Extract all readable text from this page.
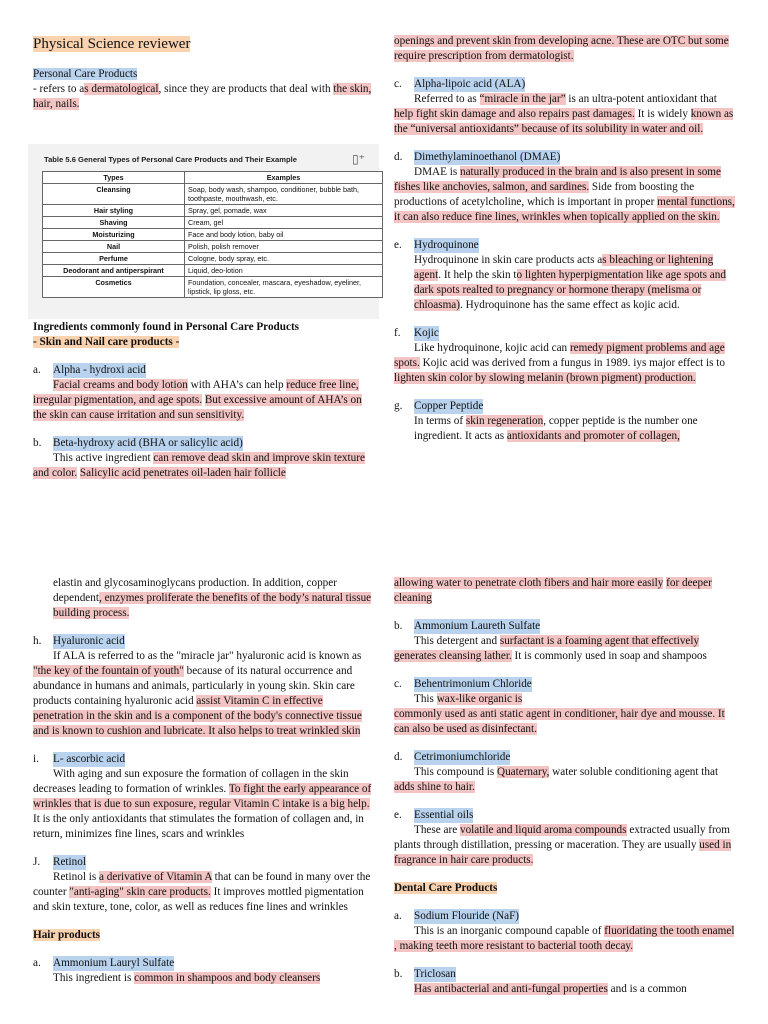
Physical Science reviewer

Personal Care Products

- refers to as dermatological, since they are products that deal with the skin, hair, nails.

Table 5.6 General Types of Personal Care Products and Their Example	▯⁺
Types	Examples
Cleansing	Soap, body wash, shampoo, conditioner, bubble bath, toothpaste, mouthwash, etc.
Hair styling	Spray, gel, pomade, wax
Shaving	Cream, gel
Moisturizing	Face and body lotion, baby oil
Nail	Polish, polish remover
Perfume	Cologne, body spray, etc.
Deodorant and antiperspirant	Liquid, deo-lotion
Cosmetics	Foundation, concealer, mascara, eyeshadow, eyeliner, lipstick, lip gloss, etc.

Ingredients commonly found in Personal Care Products

- Skin and Nail care products -

a.	Alpha - hydroxi acid

Facial creams and body lotion with AHA’s can help reduce free line, irregular pigmentation, and age spots. But excessive amount of AHA’s on the skin can cause irritation and sun sensitivity.

b.	Beta-hydroxy acid (BHA or salicylic acid)

This active ingredient can remove dead skin and improve skin texture and color. Salicylic acid penetrates oil-laden hair follicle

openings and prevent skin from developing acne. These are OTC but some require prescription from dermatologist.

c.	Alpha-lipoic acid (ALA)

Referred to as “miracle in the jar” is an ultra-potent antioxidant that help fight skin damage and also repairs past damages. It is widely known as the “universal antioxidants” because of its solubility in water and oil.

d.	Dimethylaminoethanol (DMAE)

DMAE is naturally produced in the brain and is also present in some fishes like anchovies, salmon, and sardines. Side from boosting the productions of acetylcholine, which is important in proper mental functions, it can also reduce fine lines, wrinkles when topically applied on the skin.

e.	Hydroquinone

Hydroquinone in skin care products acts as bleaching or lightening agent. It help the skin to lighten hyperpigmentation like age spots and dark spots realted to pregnancy or hormone therapy (melisma or chloasma). Hydroquinone has the same effect as kojic acid.

f.	Kojic

Like hydroquinone, kojic acid can remedy pigment problems and age spots. Kojic acid was derived from a fungus in 1989. iys major effect is to lighten skin color by slowing melanin (brown pigment) production.

g.	Copper Peptide

In terms of skin regeneration, copper peptide is the number one ingredient. It acts as antioxidants and promoter of collagen,

elastin and glycosaminoglycans production. In addition, copper dependent, enzymes proliferate the benefits of the body’s natural tissue building process.

h.	Hyaluronic acid

If ALA is referred to as the "miracle jar" hyaluronic acid is known as "the key of the fountain of youth" because of its natural occurrence and abundance in humans and animals, particularly in young skin. Skin care products containing hyaluronic acid assist Vitamin C in effective penetration in the skin and is a component of the body's connective tissue and is known to cushion and lubricate. It also helps to treat wrinkled skin

i.	L- ascorbic acid

With aging and sun exposure the formation of collagen in the skin decreases leading to formation of wrinkles. To fight the early appearance of wrinkles that is due to sun exposure, regular Vitamin C intake is a big help. It is the only antioxidants that stimulates the formation of collagen and, in return, minimizes fine lines, scars and wrinkles

J.	Retinol

Retinol is a derivative of Vitamin A that can be found in many over the counter "anti-aging" skin care products. It improves mottled pigmentation and skin texture, tone, color, as well as reduces fine lines and wrinkles

Hair products

a.	Ammonium Lauryl Sulfate

This ingredient is common in shampoos and body cleansers

allowing water to penetrate cloth fibers and hair more easily for deeper cleaning

b.	Ammonium Laureth Sulfate

This detergent and surfactant is a foaming agent that effectively generates cleansing lather. It is commonly used in soap and shampoos

c.	Behentrimonium Chloride

This wax-like organic is

commonly used as anti static agent in conditioner, hair dye and mousse. It can also be used as disinfectant.

d.	Cetrimoniumchloride

This compound is Quaternary, water soluble conditioning agent that adds shine to hair.

e.	Essential oils

These are volatile and liquid aroma compounds extracted usually from plants through distillation, pressing or maceration. They are usually used in fragrance in hair care products.

Dental Care Products

a.	Sodium Flouride (NaF)

This is an inorganic compound capable of fluoridating the tooth enamel , making teeth more resistant to bacterial tooth decay.

b.	Triclosan

Has antibacterial and anti-fungal properties and is a common
